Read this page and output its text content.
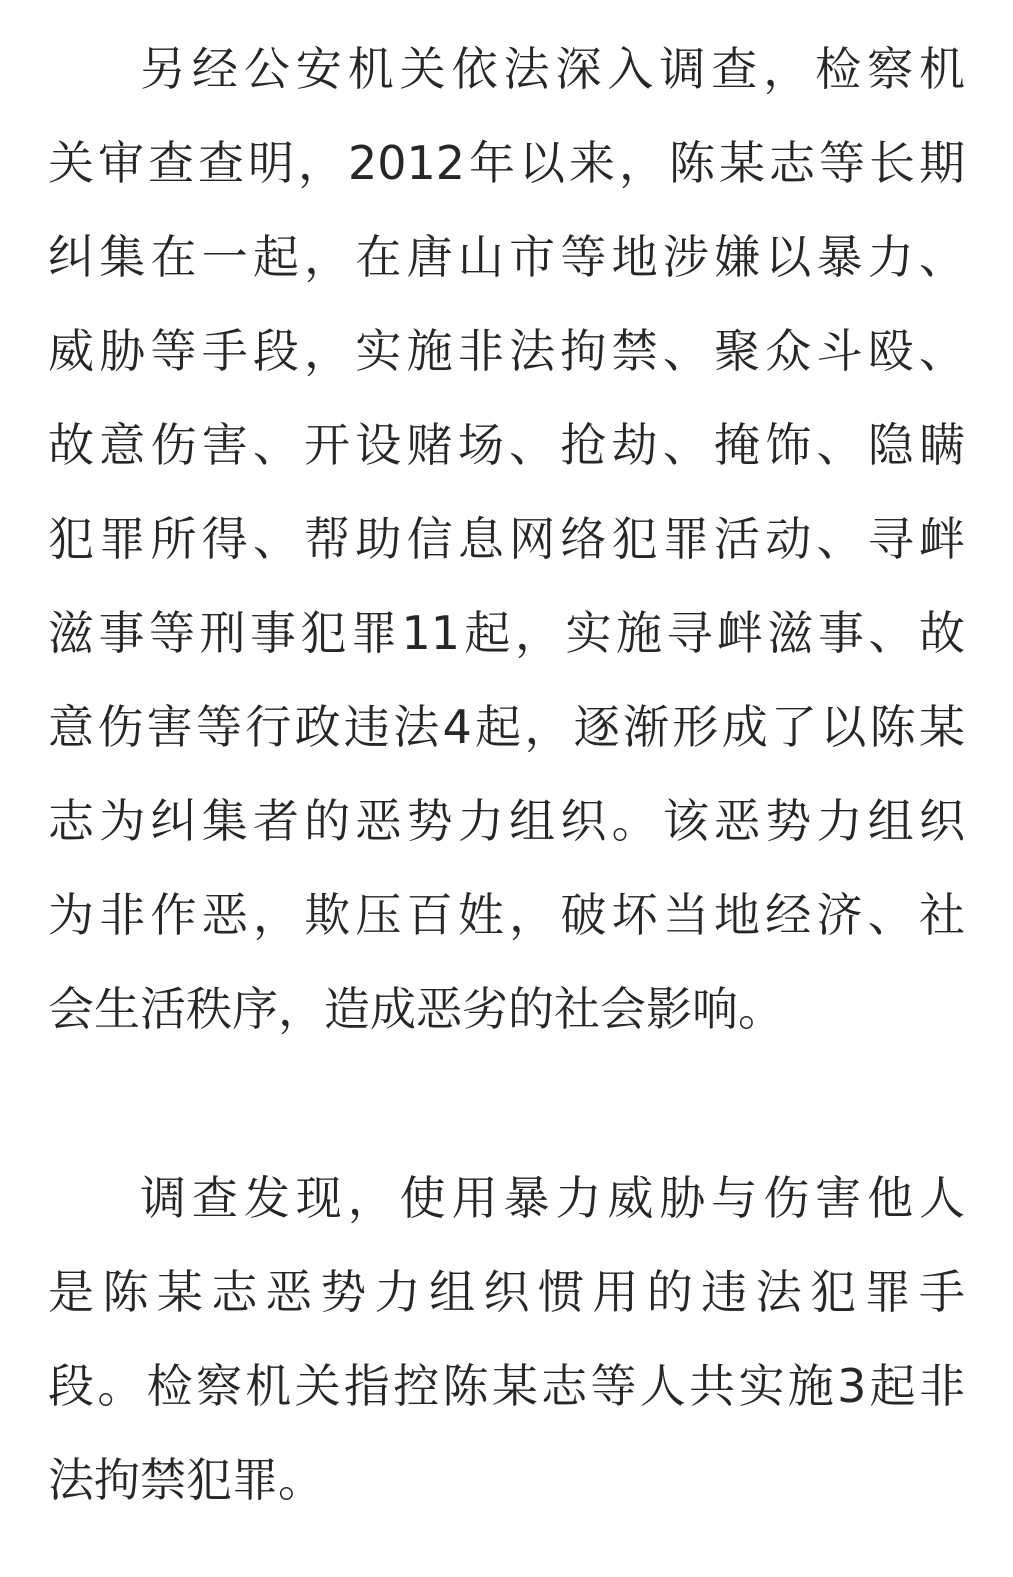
另经公安机关依法深入调查，检察机
关审查查明，2012年以来，陈某志等长期
纠集在一起，在唐山市等地涉嫌以暴力、
威胁等手段，实施非法拘禁、聚众斗殴、
故意伤害、开设赌场、抢劫、掩饰、隐瞒
犯罪所得、帮助信息网络犯罪活动、寻衅
滋事等刑事犯罪11起，实施寻衅滋事、故
意伤害等行政违法4起，逐渐形成了以陈某
志为纠集者的恶势力组织。该恶势力组织
为非作恶，欺压百姓，破坏当地经济、社
会生活秩序，造成恶劣的社会影响。
调查发现，使用暴力威胁与伤害他人
是陈某志恶势力组织惯用的违法犯罪手
段。检察机关指控陈某志等人共实施3起非
法拘禁犯罪。
